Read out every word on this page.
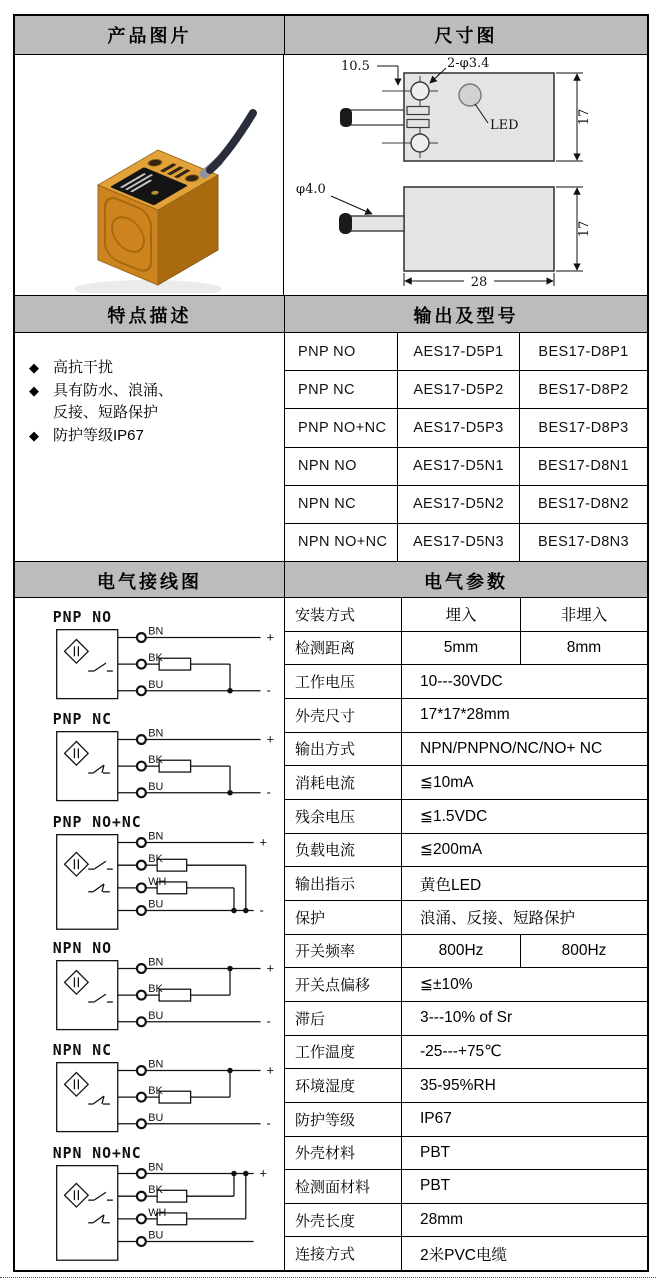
产品图片	尺寸图
LED
2-φ3.4
10.5
17
φ4.0
17
28
特点描述	输出及型号
◆ 高抗干扰
◆ 具有防水、浪涌、反接、短路保护
◆ 防护等级IP67
PNP NO	AES17-D5P1	BES17-D8P1
PNP NC	AES17-D5P2	BES17-D8P2
PNP NO+NC	AES17-D5P3	BES17-D8P3
NPN NO	AES17-D5N1	BES17-D8N1
NPN NC	AES17-D5N2	BES17-D8N2
NPN NO+NC	AES17-D5N3	BES17-D8N3
电气接线图	电气参数
PNP NO
BN
BK
BU
+
-
PNP NC
BN
BK
BU
+
-
PNP NO+NC
BN
BK
WH
BU
+
-
NPN NO
BN
BK
BU
+
-
NPN NC
BN
BK
BU
+
-
NPN NO+NC
BN
BK
WH
BU
+
安装方式	埋入	非埋入
检测距离	5mm	8mm
工作电压	10---30VDC
外壳尺寸	17*17*28mm
输出方式	NPN/PNPNO/NC/NO+ NC
消耗电流	≦10mA
残余电压	≦1.5VDC
负载电流	≦200mA
输出指示	黄色LED
保护	浪涌、反接、短路保护
开关频率	800Hz	800Hz
开关点偏移	≦±10%
滞后	3---10% of Sr
工作温度	-25---+75℃
环境湿度	35-95%RH
防护等级	IP67
外壳材料	PBT
检测面材料	PBT
外壳长度	28mm
连接方式	2米PVC电缆
